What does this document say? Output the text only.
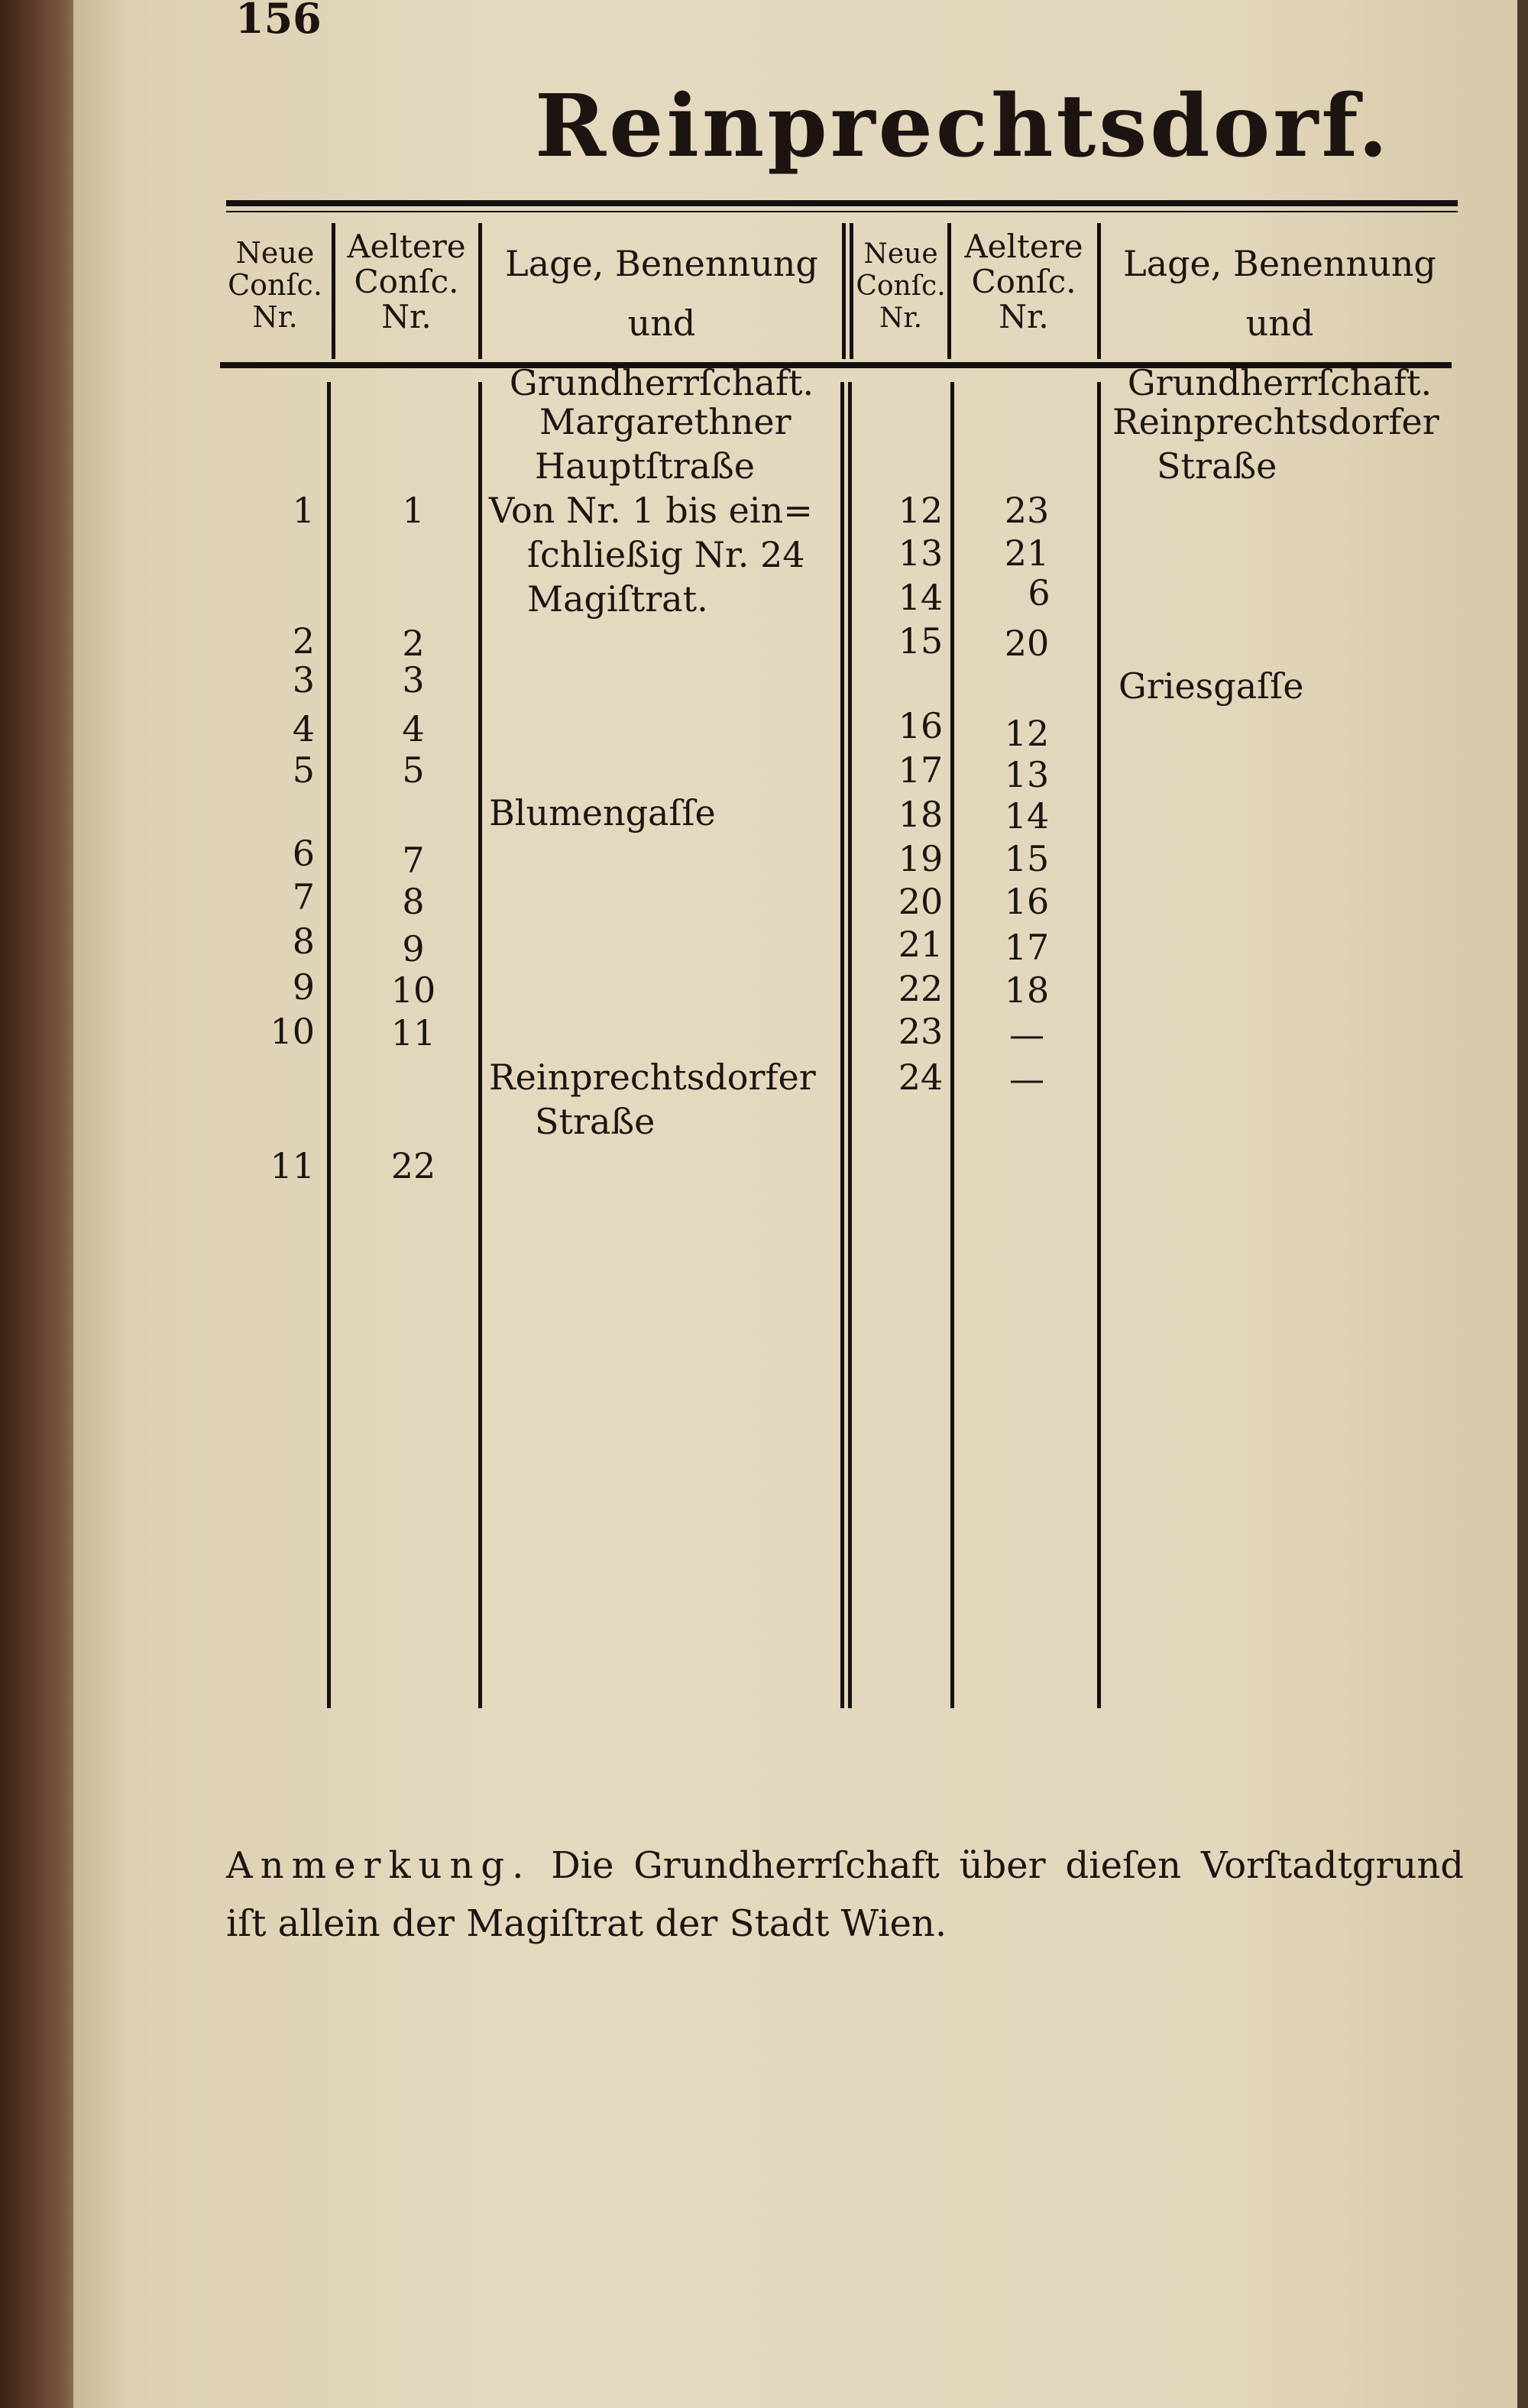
156
Reinprechtsdorf.
Neue
Conſc.
Nr.
Aeltere
Conſc.
Nr.
Lage, Benennung und
Grundherrſchaft.
Neue
Conſc.
Nr.
Aeltere
Conſc.
Nr.
Lage, Benennung und
Grundherrſchaft.
1
2
3
4
5
6
7
8
9
10
11
1
2
3
4
5
7
8
9
10
11
22
Margarethner
Hauptſtraße
Von Nr. 1 bis ein=
ſchließig Nr. 24
Magiſtrat.
Blumengaſſe
Reinprechtsdorfer
Straße
12
13
14
15
16
17
18
19
20
21
22
23
24
23
21
6
20
12
13
14
15
16
17
18
—
—
Reinprechtsdorfer
Straße
Griesgaſſe
Anmerkung. Die Grundherrſchaft über dieſen Vorſtadtgrund iſt allein der Magiſtrat der Stadt Wien.
